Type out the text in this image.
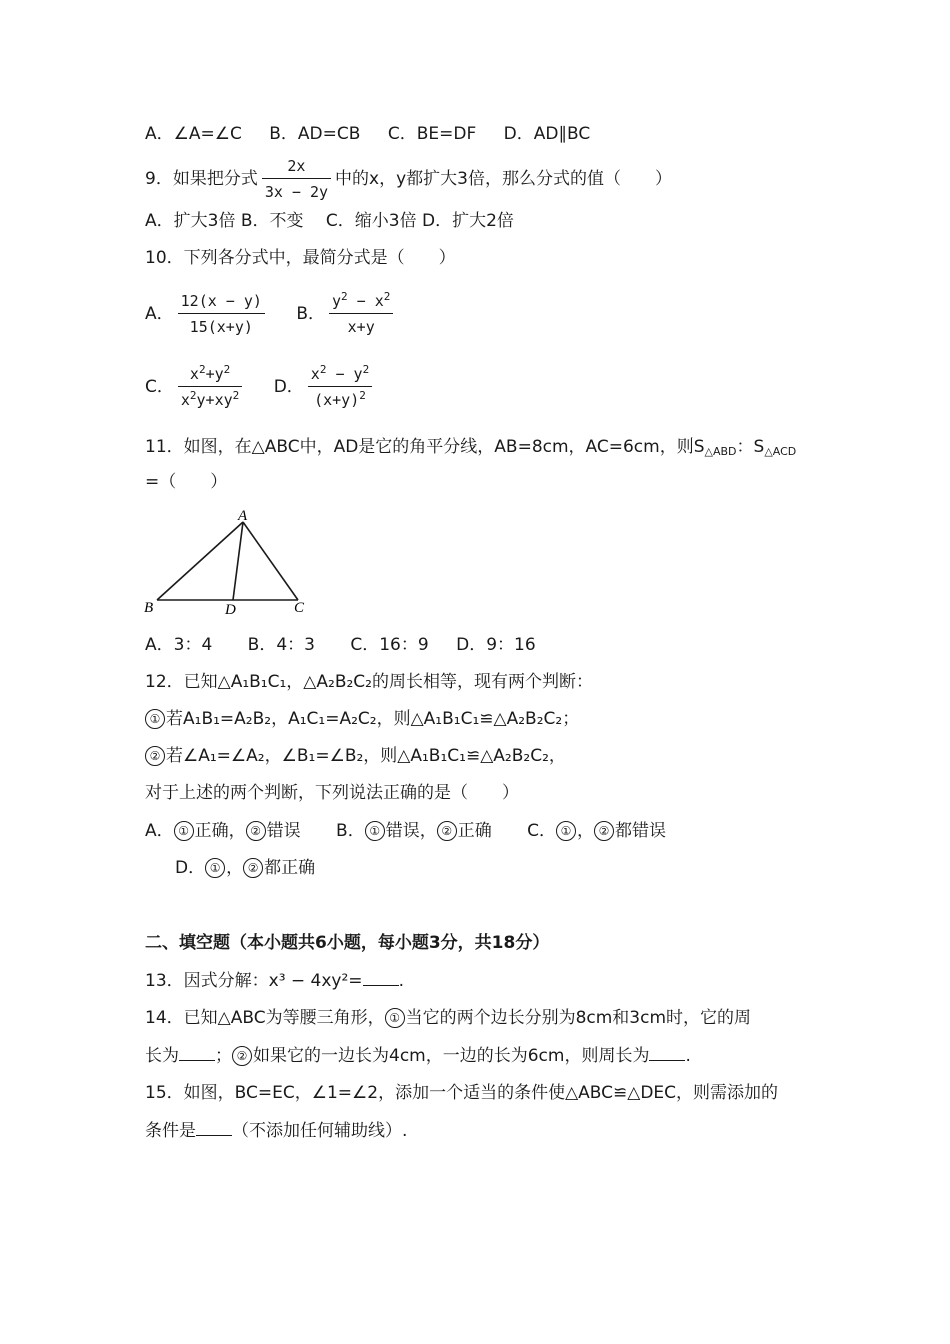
A．∠A=∠C B．AD=CB C．BE=DF D．AD∥BC
9．如果把分式 $\frac{2x}{3x - 2y}$ 中的x，y都扩大3倍，那么分式的值（　　）
A．扩大3倍 B．不变　 C．缩小3倍 D．扩大2倍
10．下列各分式中，最简分式是（　　）
A． $\frac{12(x - y)}{15(x+y)}$ B． $\frac{y^2 - x^2}{x+y}$
C． $\frac{x^2+y^2}{x^2y+xy^2}$ D． $\frac{x^2 - y^2}{(x+y)^2}$
11．如图，在△ABC中，AD是它的角平分线，AB=8cm，AC=6cm，则$S_{\triangle ABD}$：$S_{\triangle ACD}$
=（　　）
A
B	D	C
A．3：4 B．4：3 C．16：9 D．9：16
12．已知△A₁B₁C₁，△A₂B₂C₂的周长相等，现有两个判断：
① 若A₁B₁=A₂B₂，A₁C₁=A₂C₂，则△A₁B₁C₁≌△A₂B₂C₂；
② 若∠A₁=∠A₂，∠B₁=∠B₂，则△A₁B₁C₁≌△A₂B₂C₂，
对于上述的两个判断，下列说法正确的是（　　）
A． ① 正确， ② 错误 B． ① 错误， ② 正确 C． ① ， ② 都错误
D． ① ， ② 都正确
二、填空题（本小题共6小题，每小题3分，共18分）
13．因式分解：x³ − 4xy²= .
14．已知△ABC为等腰三角形， ① 当它的两个边长分别为8cm和3cm时，它的周
长为 ； ② 如果它的一边长为4cm，一边的长为6cm，则周长为 .
15．如图，BC=EC，∠1=∠2，添加一个适当的条件使△ABC≌△DEC，则需添加的
条件是 （不添加任何辅助线）.
